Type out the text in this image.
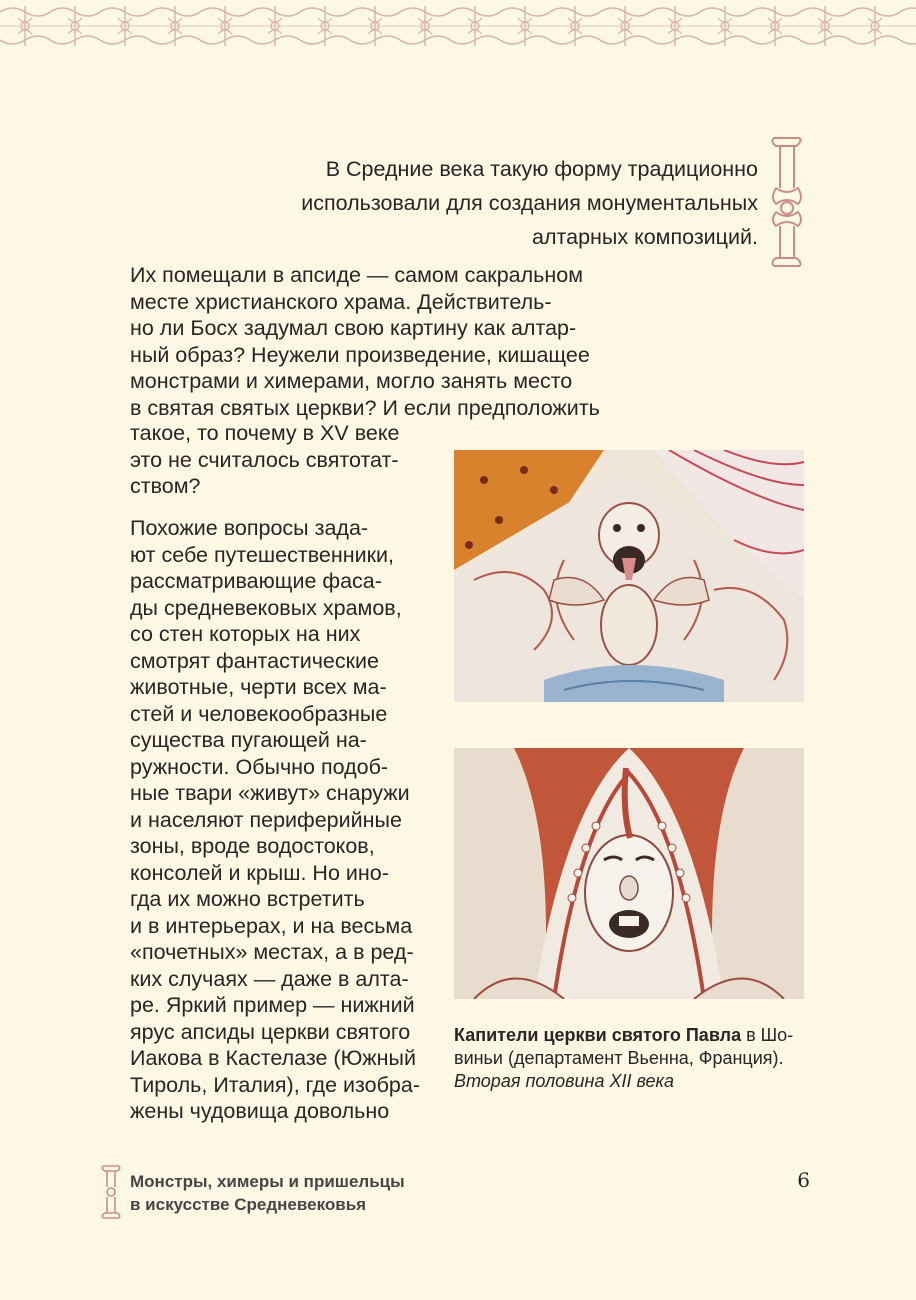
В Средние века такую форму традиционно
использовали для создания монументальных
алтарных композиций.

Их помещали в апсиде — самом сакральном

месте христианского храма. Действитель-

но ли Босх задумал свою картину как алтар-

ный образ? Неужели произведение, кишащее

монстрами и химерами, могло занять место

в святая святых церкви? И если предположить

такое, то почему в XV веке

это не считалось святотат-

ством?

Похожие вопросы зада-

ют себе путешественники,

рассматривающие фаса-

ды средневековых храмов,

со стен которых на них

смотрят фантастические

животные, черти всех ма-

стей и человекообразные

существа пугающей на-

ружности. Обычно подоб-

ные твари «живут» снаружи

и населяют периферийные

зоны, вроде водостоков,

консолей и крыш. Но ино-

гда их можно встретить

и в интерьерах, и на весьма

«почетных» местах, а в ред-

ких случаях — даже в алта-

ре. Яркий пример — нижний

ярус апсиды церкви святого

Иакова в Кастелазе (Южный

Тироль, Италия), где изобра-

жены чудовища довольно

Капители церкви святого Павла в Шо-виньи (департамент Вьенна, Франция).
Вторая половина XII века
Монстры, химеры и пришельцы
в искусстве Средневековья
6
